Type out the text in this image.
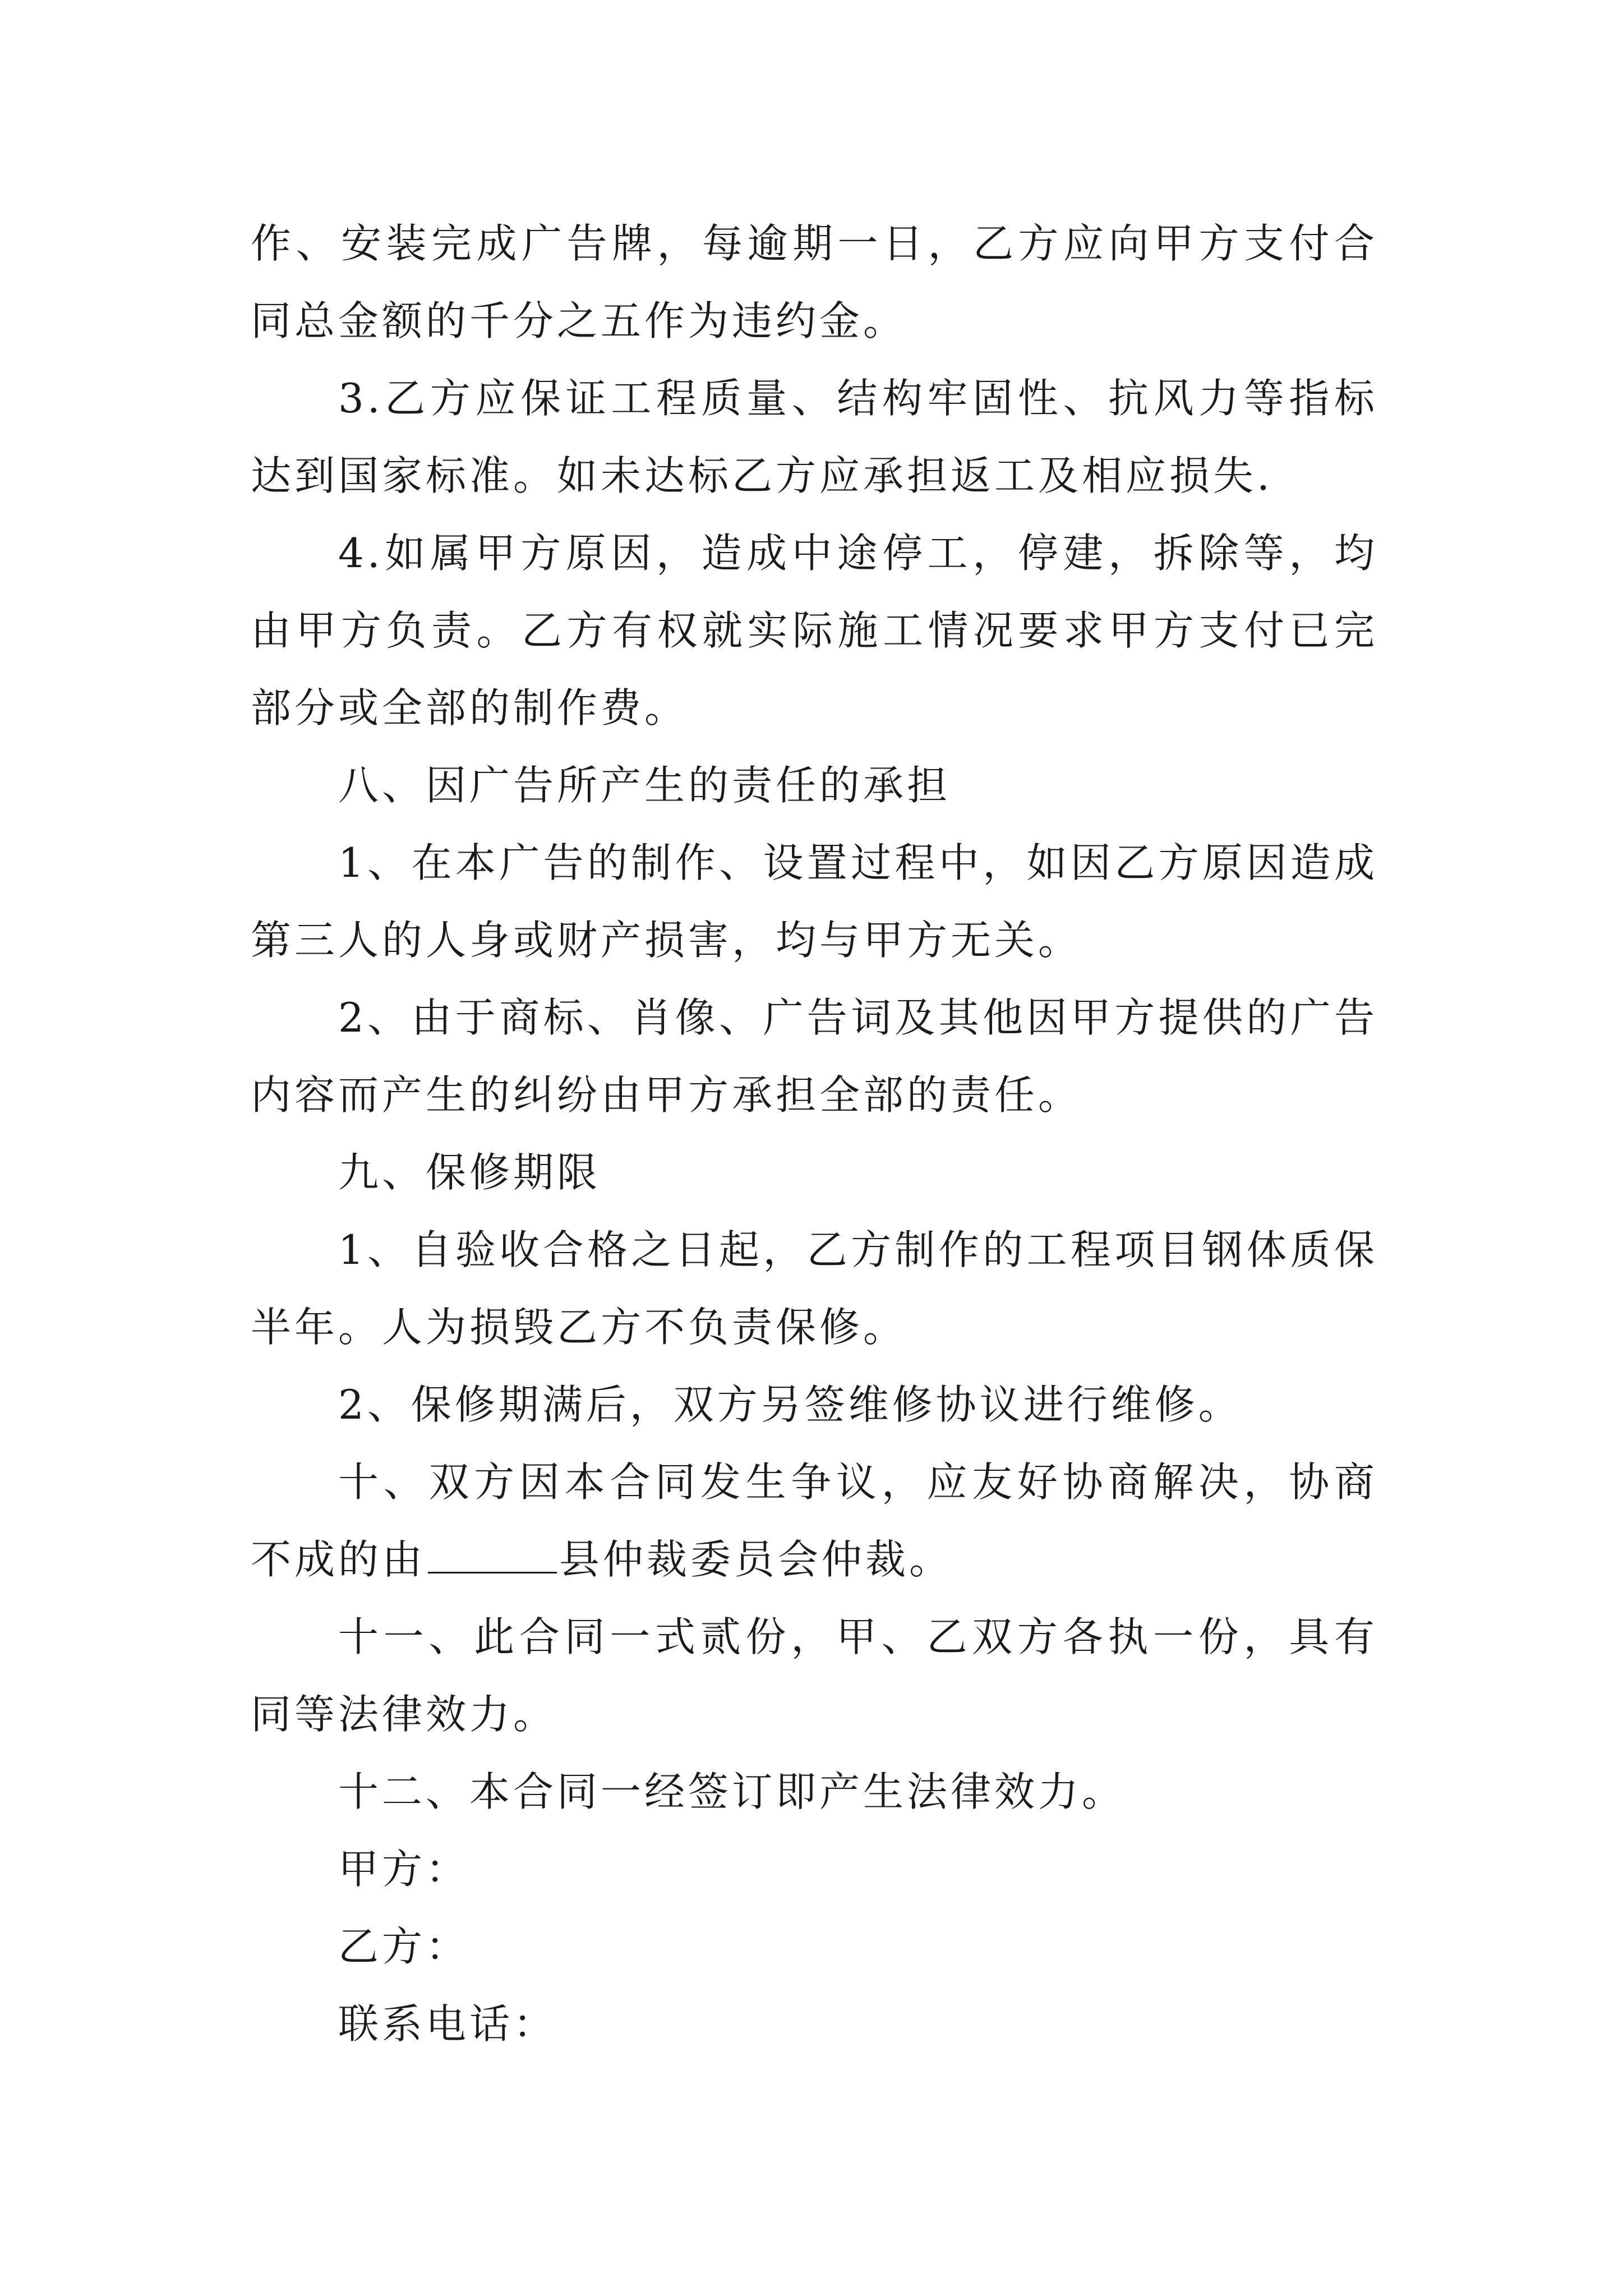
作、安装完成广告牌，每逾期一日，乙方应向甲方支付合同总金额的千分之五作为违约金。

3.乙方应保证工程质量、结构牢固性、抗风力等指标达到国家标准。如未达标乙方应承担返工及相应损失.

4.如属甲方原因，造成中途停工，停建，拆除等，均由甲方负责。乙方有权就实际施工情况要求甲方支付已完部分或全部的制作费。

八、因广告所产生的责任的承担

1、在本广告的制作、设置过程中，如因乙方原因造成第三人的人身或财产损害，均与甲方无关。

2、由于商标、肖像、广告词及其他因甲方提供的广告内容而产生的纠纷由甲方承担全部的责任。

九、保修期限

1、自验收合格之日起，乙方制作的工程项目钢体质保半年。人为损毁乙方不负责保修。

2、保修期满后，双方另签维修协议进行维修。

十、双方因本合同发生争议，应友好协商解决，协商不成的由	县仲裁委员会仲裁。

十一、此合同一式贰份，甲、乙双方各执一份，具有同等法律效力。

十二、本合同一经签订即产生法律效力。

甲方：

乙方：

联系电话：
